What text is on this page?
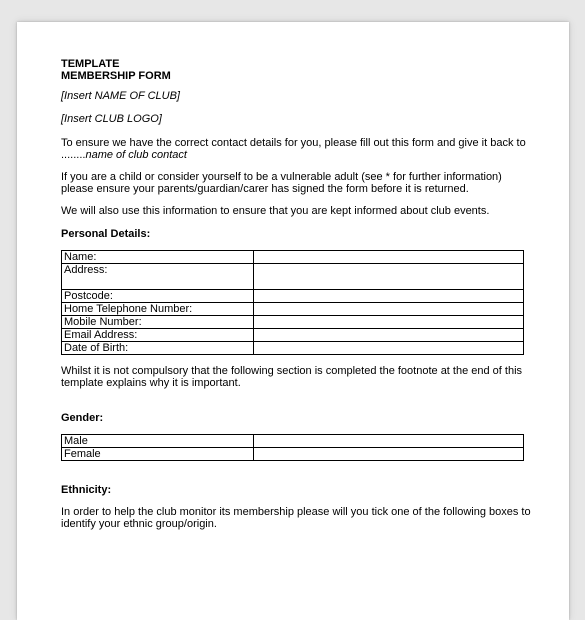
TEMPLATE
MEMBERSHIP FORM
[Insert NAME OF CLUB]
[Insert CLUB LOGO]
To ensure we have the correct contact details for you, please fill out this form and give it back to
........name of club contact
If you are a child or consider yourself to be a vulnerable adult (see * for further information)
please ensure your parents/guardian/carer has signed the form before it is returned.
We will also use this information to ensure that you are kept informed about club events.
Personal Details:
Name:	
Address:	
Postcode:	
Home Telephone Number:	
Mobile Number:	
Email Address:	
Date of Birth:	
Whilst it is not compulsory that the following section is completed the footnote at the end of this
template explains why it is important.
Gender:
Male	
Female	
Ethnicity:
In order to help the club monitor its membership please will you tick one of the following boxes to
identify your ethnic group/origin.
